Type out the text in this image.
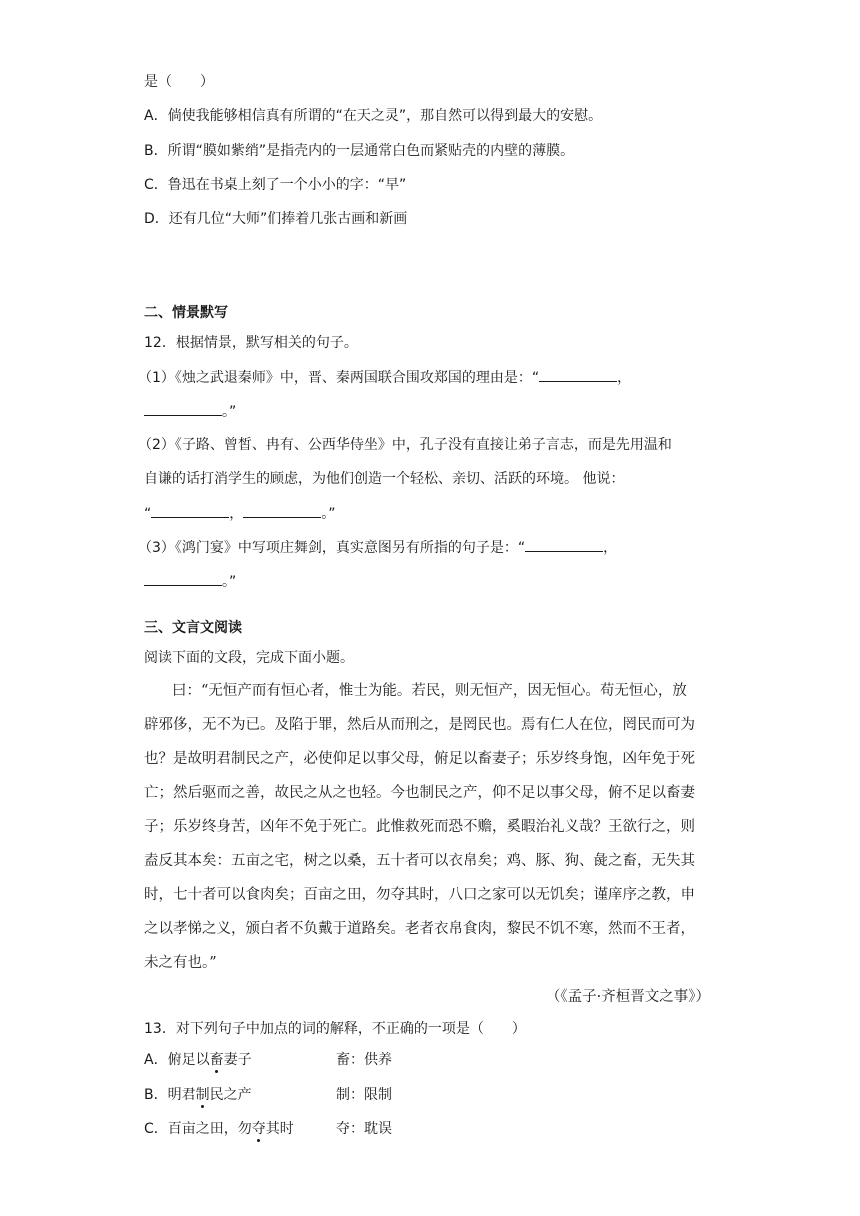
是（　　）
A．倘使我能够相信真有所谓的“在天之灵”，那自然可以得到最大的安慰。
B．所谓“膜如紫绡”是指壳内的一层通常白色而紧贴壳的内壁的薄膜。
C．鲁迅在书桌上刻了一个小小的字：“早”
D．还有几位“大师”们捧着几张古画和新画
二、情景默写
12．根据情景，默写相关的句子。
（1）《烛之武退秦师》中，晋、秦两国联合围攻郑国的理由是：“	，
。”
（2）《子路、曾皙、冉有、公西华侍坐》中，孔子没有直接让弟子言志，而是先用温和
自谦的话打消学生的顾虑，为他们创造一个轻松、亲切、活跃的环境。 他说：
“	，	。”
（3）《鸿门宴》中写项庄舞剑，真实意图另有所指的句子是：“	，
。”
三、文言文阅读
阅读下面的文段，完成下面小题。
曰：“无恒产而有恒心者，惟士为能。若民，则无恒产，因无恒心。苟无恒心，放
辟邪侈，无不为已。及陷于罪，然后从而刑之，是罔民也。焉有仁人在位，罔民而可为
也？是故明君制民之产，必使仰足以事父母，俯足以畜妻子；乐岁终身饱，凶年免于死
亡；然后驱而之善，故民之从之也轻。今也制民之产，仰不足以事父母，俯不足以畜妻
子；乐岁终身苦，凶年不免于死亡。此惟救死而恐不赡，奚暇治礼义哉？王欲行之，则
盍反其本矣：五亩之宅，树之以桑，五十者可以衣帛矣；鸡、豚、狗、彘之畜，无失其
时，七十者可以食肉矣；百亩之田，勿夺其时，八口之家可以无饥矣；谨庠序之教，申
之以孝悌之义，颁白者不负戴于道路矣。老者衣帛食肉，黎民不饥不寒，然而不王者，
未之有也。”
（《孟子·齐桓晋文之事》）
13．对下列句子中加点的词的解释，不正确的一项是（　　）
A．俯足以畜妻子	畜：供养
B．明君制民之产	制：限制
C．百亩之田，勿夺其时	夺：耽误
